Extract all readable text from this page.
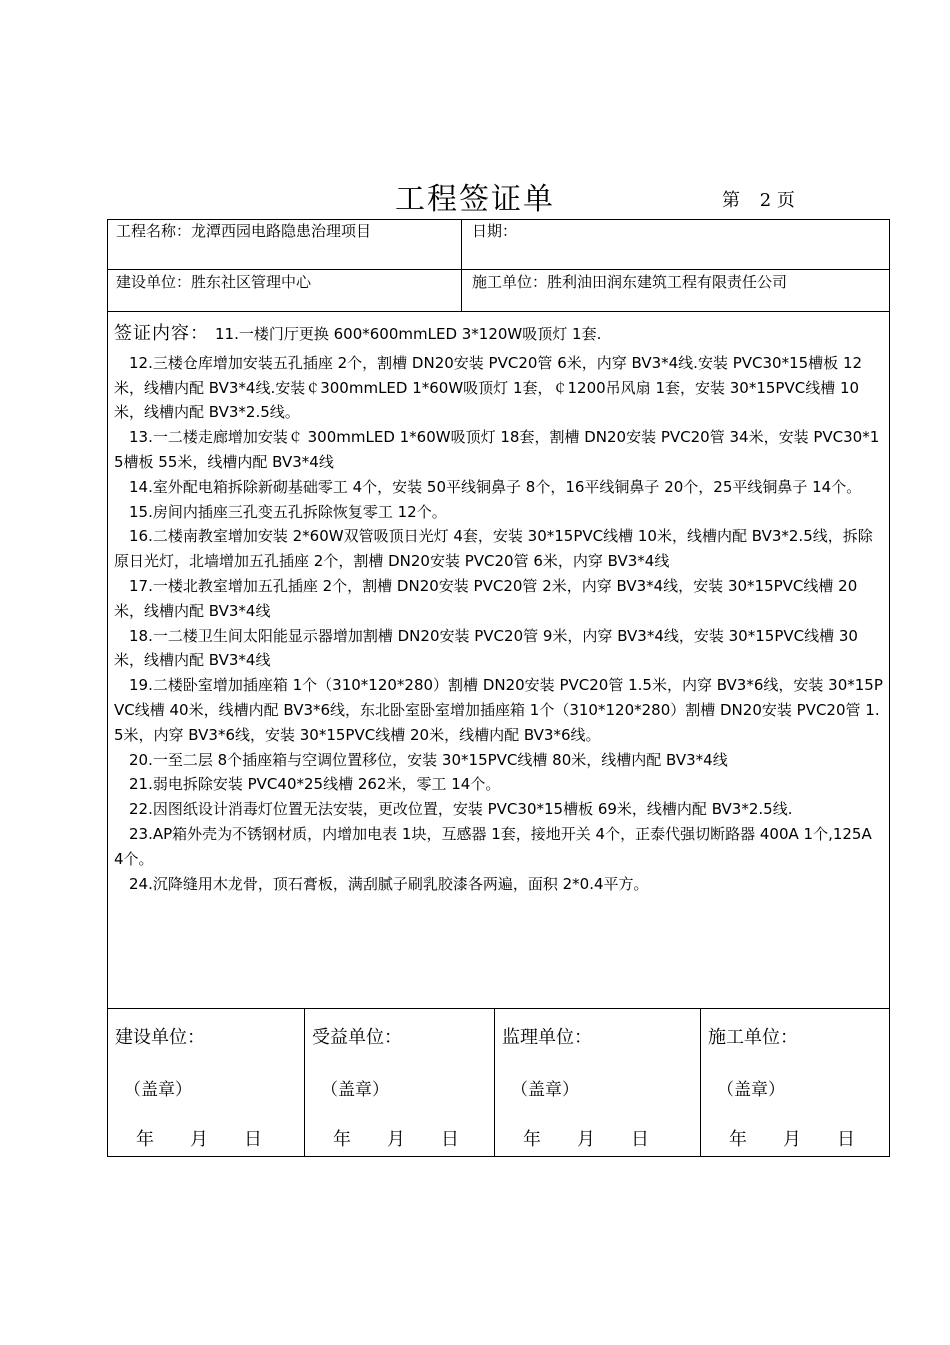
工程签证单	第 2 页
工程名称：龙潭西园电路隐患治理项目	日期：
建设单位：胜东社区管理中心	施工单位：胜利油田润东建筑工程有限责任公司

签证内容： 11.一楼门厅更换 600*600mmLED 3*120W吸顶灯 1套.

12.三楼仓库增加安装五孔插座 2个，割槽 DN20安装 PVC20管 6米，内穿 BV3*4线.安装 PVC30*15槽板 12米，线槽内配 BV3*4线.安装￠300mmLED 1*60W吸顶灯 1套，￠1200吊风扇 1套，安装 30*15PVC线槽 10米，线槽内配 BV3*2.5线。

13.一二楼走廊增加安装￠ 300mmLED 1*60W吸顶灯 18套，割槽 DN20安装 PVC20管 34米，安装 PVC30*15槽板 55米，线槽内配 BV3*4线

14.室外配电箱拆除新砌基础零工 4个，安装 50平线铜鼻子 8个，16平线铜鼻子 20个，25平线铜鼻子 14个。

15.房间内插座三孔变五孔拆除恢复零工 12个。

16.二楼南教室增加安装 2*60W双管吸顶日光灯 4套，安装 30*15PVC线槽 10米，线槽内配 BV3*2.5线，拆除原日光灯，北墙增加五孔插座 2个，割槽 DN20安装 PVC20管 6米，内穿 BV3*4线

17.一楼北教室增加五孔插座 2个，割槽 DN20安装 PVC20管 2米，内穿 BV3*4线，安装 30*15PVC线槽 20米，线槽内配 BV3*4线

18.一二楼卫生间太阳能显示器增加割槽 DN20安装 PVC20管 9米，内穿 BV3*4线，安装 30*15PVC线槽 30米，线槽内配 BV3*4线

19.二楼卧室增加插座箱 1个（310*120*280）割槽 DN20安装 PVC20管 1.5米，内穿 BV3*6线，安装 30*15PVC线槽 40米，线槽内配 BV3*6线，东北卧室卧室增加插座箱 1个（310*120*280）割槽 DN20安装 PVC20管 1.5米，内穿 BV3*6线，安装 30*15PVC线槽 20米，线槽内配 BV3*6线。

20.一至二层 8个插座箱与空调位置移位，安装 30*15PVC线槽 80米，线槽内配 BV3*4线

21.弱电拆除安装 PVC40*25线槽 262米，零工 14个。

22.因图纸设计消毒灯位置无法安装，更改位置，安装 PVC30*15槽板 69米，线槽内配 BV3*2.5线.

23.AP箱外壳为不锈钢材质，内增加电表 1块，互感器 1套，接地开关 4个，正泰代强切断路器 400A 1个,125A 4个。

24.沉降缝用木龙骨，顶石膏板，满刮腻子刷乳胶漆各两遍，面积 2*0.4平方。

建设单位：
（盖章）
年　　月　　日
受益单位：
（盖章）
年　　月　　日
监理单位：
（盖章）
年　　月　　日
施工单位：
（盖章）
年　　月　　日
